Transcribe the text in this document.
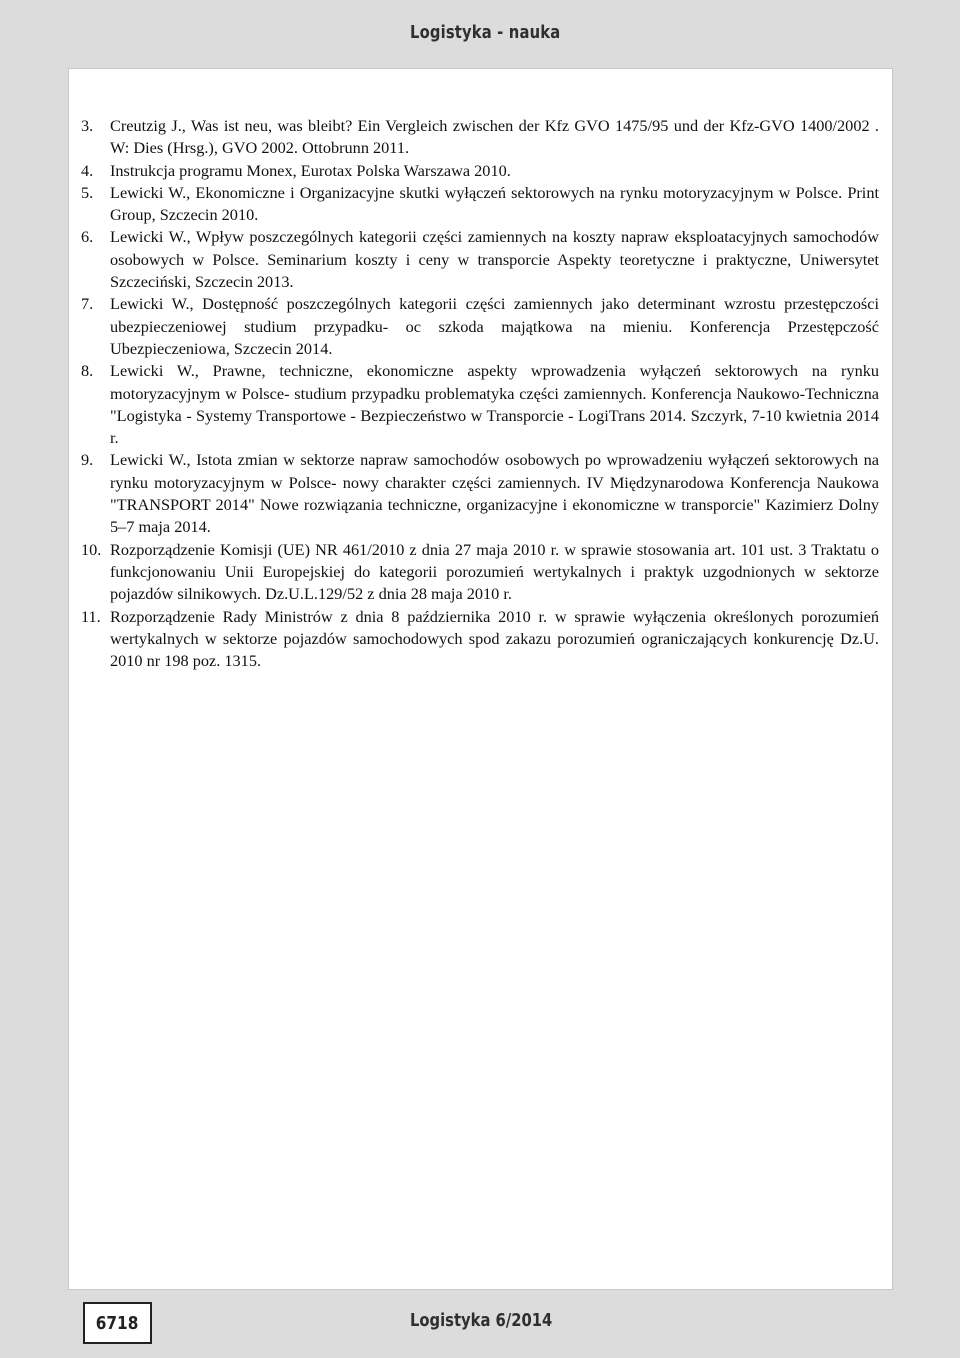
Logistyka - nauka
3. Creutzig J., Was ist neu, was bleibt? Ein Vergleich zwischen der Kfz GVO 1475/95 und der Kfz-GVO 1400/2002 . W: Dies (Hrsg.), GVO 2002. Ottobrunn 2011.
4. Instrukcja programu Monex, Eurotax Polska Warszawa 2010.
5. Lewicki W., Ekonomiczne i Organizacyjne skutki wyłączeń sektorowych na rynku motoryzacyjnym w Polsce. Print Group, Szczecin 2010.
6. Lewicki W., Wpływ poszczególnych kategorii części zamiennych na koszty napraw eksploatacyjnych samochodów osobowych w Polsce. Seminarium koszty i ceny w transporcie Aspekty teoretyczne i praktyczne, Uniwersytet Szczeciński, Szczecin 2013.
7. Lewicki W., Dostępność poszczególnych kategorii części zamiennych jako determinant wzrostu przestępczości ubezpieczeniowej studium przypadku- oc szkoda majątkowa na mieniu. Konferencja Przestępczość Ubezpieczeniowa, Szczecin 2014.
8. Lewicki W., Prawne, techniczne, ekonomiczne aspekty wprowadzenia wyłączeń sektorowych na rynku motoryzacyjnym w Polsce- studium przypadku problematyka części zamiennych. Konferencja Naukowo-Techniczna "Logistyka - Systemy Transportowe - Bezpieczeństwo w Transporcie - LogiTrans 2014. Szczyrk, 7-10 kwietnia 2014 r.
9. Lewicki W., Istota zmian w sektorze napraw samochodów osobowych po wprowadzeniu wyłączeń sektorowych na rynku motoryzacyjnym w Polsce- nowy charakter części zamiennych. IV Międzynarodowa Konferencja Naukowa "TRANSPORT 2014" Nowe rozwiązania techniczne, organizacyjne i ekonomiczne w transporcie" Kazimierz Dolny 5–7 maja 2014.
10. Rozporządzenie Komisji (UE) NR 461/2010 z dnia 27 maja 2010 r. w sprawie stosowania art. 101 ust. 3 Traktatu o funkcjonowaniu Unii Europejskiej do kategorii porozumień wertykalnych i praktyk uzgodnionych w sektorze pojazdów silnikowych. Dz.U.L.129/52 z dnia 28 maja 2010 r.
11. Rozporządzenie Rady Ministrów z dnia 8 października 2010 r. w sprawie wyłączenia określonych porozumień wertykalnych w sektorze pojazdów samochodowych spod zakazu porozumień ograniczających konkurencję Dz.U. 2010 nr 198 poz. 1315.
6718	Logistyka 6/2014
